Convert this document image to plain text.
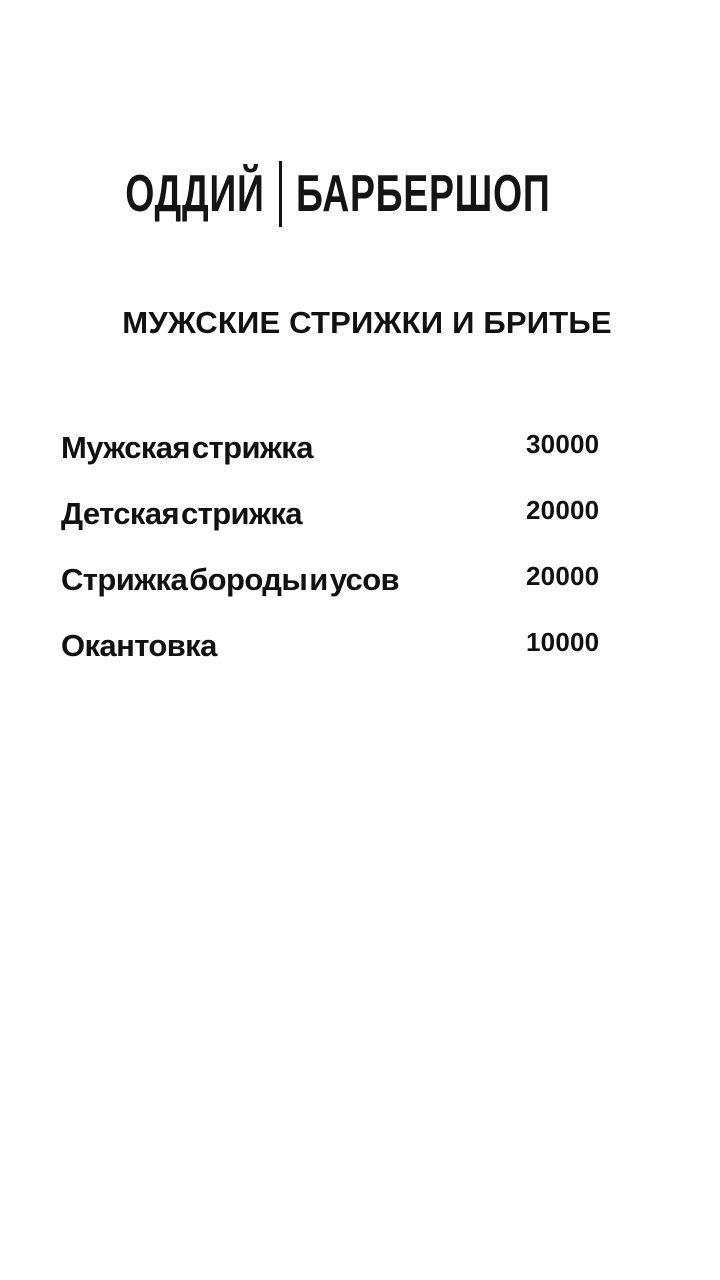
ОДДИЙ БАРБЕРШОП
МУЖСКИЕ СТРИЖКИ И БРИТЬЕ
Мужская стрижка	30000
Детская стрижка	20000
Стрижка бороды и усов	20000
Окантовка	10000
